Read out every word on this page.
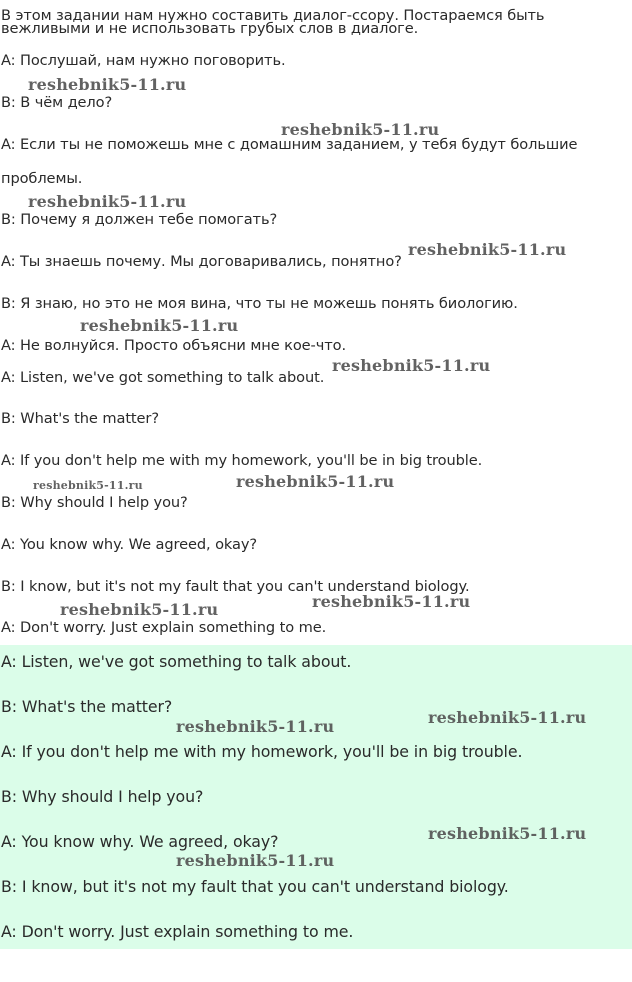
В этом задании нам нужно составить диалог-ссору. Постараемся быть
вежливыми и не использовать грубых слов в диалоге.
A: Послушай, нам нужно поговорить.
B: В чём дело?
A: Если ты не поможешь мне с домашним заданием, у тебя будут большие
проблемы.
B: Почему я должен тебе помогать?
A: Ты знаешь почему. Мы договаривались, понятно?
B: Я знаю, но это не моя вина, что ты не можешь понять биологию.
A: Не волнуйся. Просто объясни мне кое-что.
A: Listen, we've got something to talk about.
B: What's the matter?
A: If you don't help me with my homework, you'll be in big trouble.
B: Why should I help you?
A: You know why. We agreed, okay?
B: I know, but it's not my fault that you can't understand biology.
A: Don't worry. Just explain something to me.
A: Listen, we've got something to talk about.
B: What's the matter?
A: If you don't help me with my homework, you'll be in big trouble.
B: Why should I help you?
A: You know why. We agreed, okay?
B: I know, but it's not my fault that you can't understand biology.
A: Don't worry. Just explain something to me.
reshebnik5-11.ru
reshebnik5-11.ru
reshebnik5-11.ru
reshebnik5-11.ru
reshebnik5-11.ru
reshebnik5-11.ru
reshebnik5-11.ru	reshebnik5-11.ru
reshebnik5-11.ru	reshebnik5-11.ru
reshebnik5-11.ru	reshebnik5-11.ru
reshebnik5-11.ru
reshebnik5-11.ru
